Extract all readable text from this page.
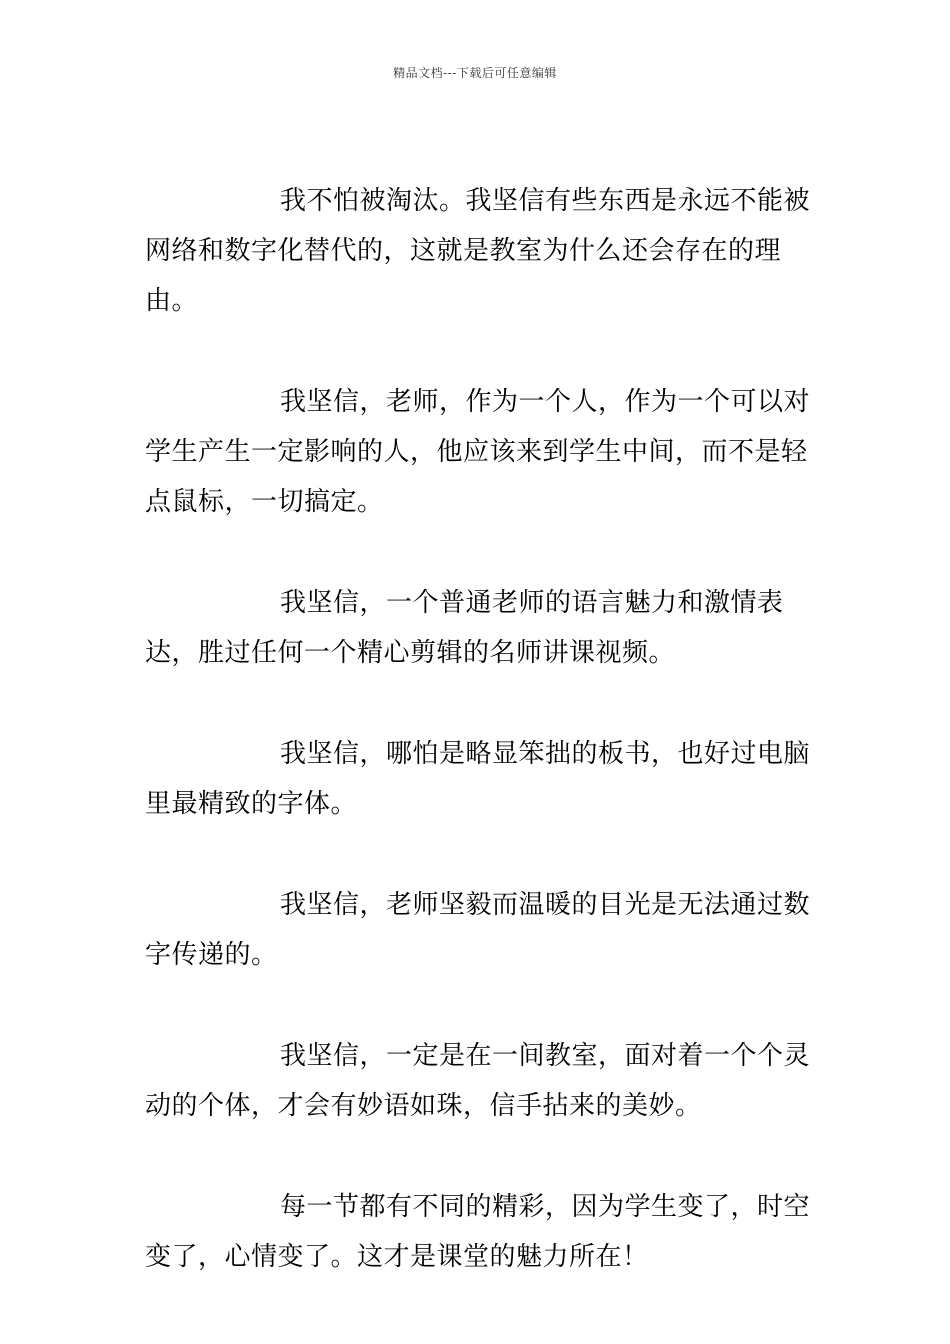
精品文档---下载后可任意编辑

我不怕被淘汰。我坚信有些东西是永远不能被网络和数字化替代的，这就是教室为什么还会存在的理由。

我坚信，老师，作为一个人，作为一个可以对学生产生一定影响的人，他应该来到学生中间，而不是轻点鼠标，一切搞定。

我坚信，一个普通老师的语言魅力和激情表达，胜过任何一个精心剪辑的名师讲课视频。

我坚信，哪怕是略显笨拙的板书，也好过电脑里最精致的字体。

我坚信，老师坚毅而温暖的目光是无法通过数字传递的。

我坚信，一定是在一间教室，面对着一个个灵动的个体，才会有妙语如珠，信手拈来的美妙。

每一节都有不同的精彩，因为学生变了，时空变了，心情变了。这才是课堂的魅力所在！
